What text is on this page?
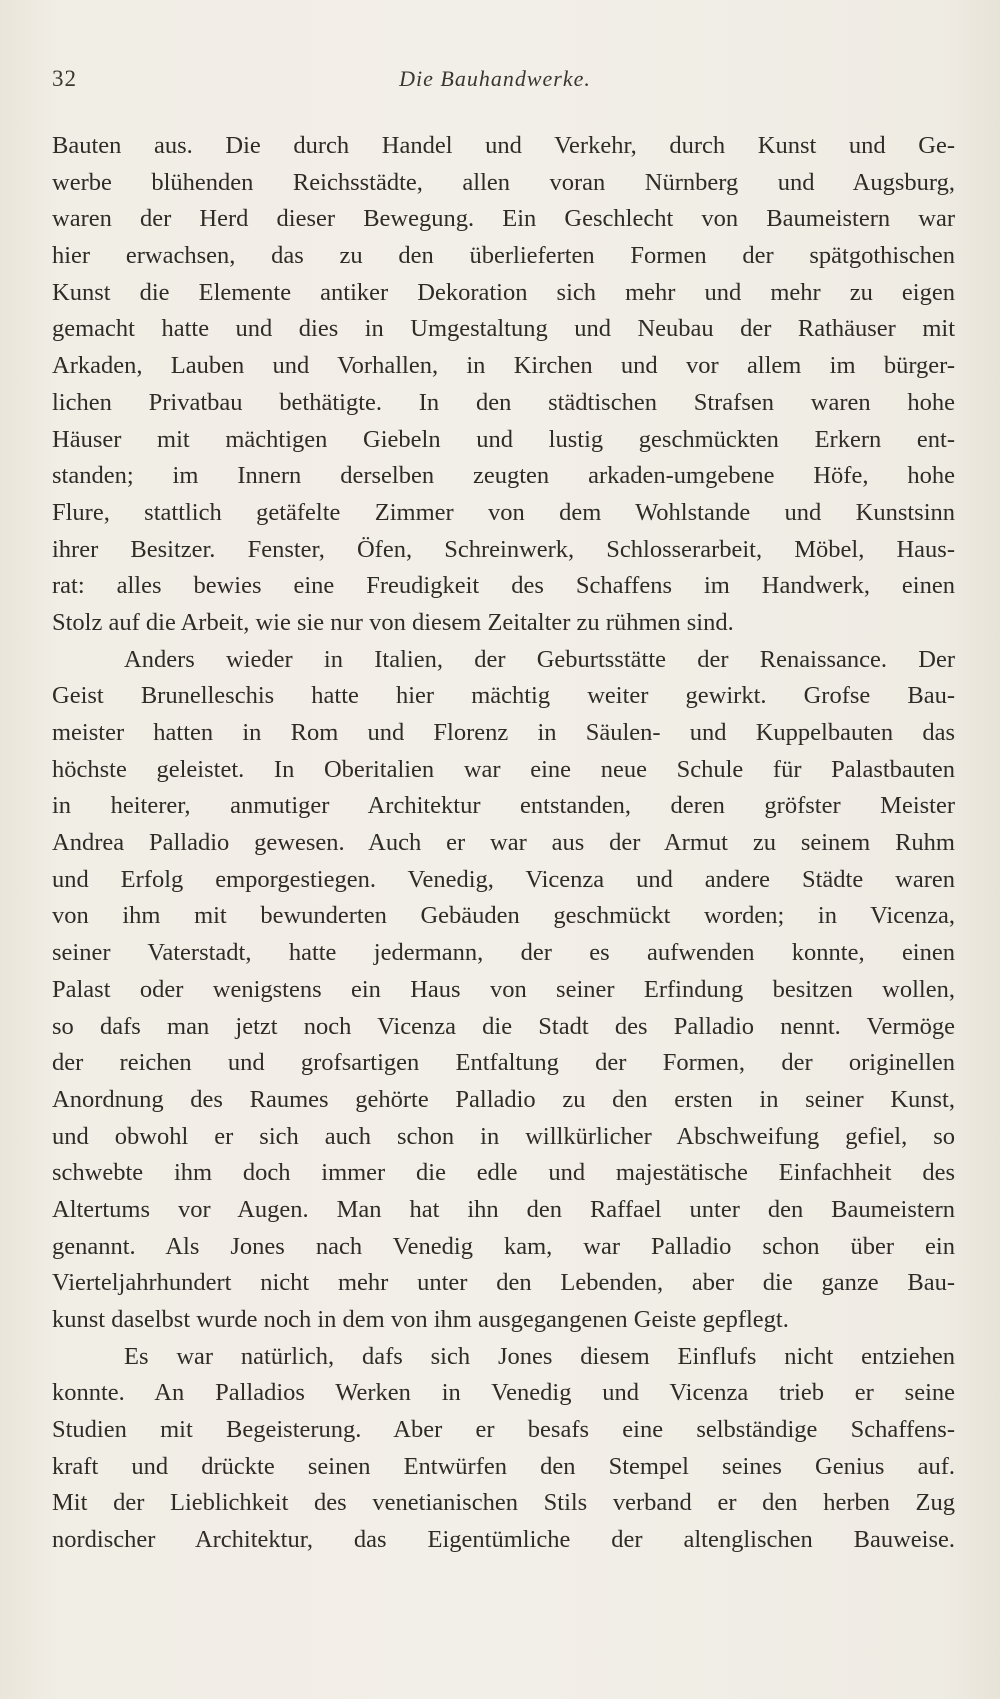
32	Die Bauhandwerke.
Bauten aus. Die durch Handel und Verkehr, durch Kunst und Ge-
werbe blühenden Reichsstädte, allen voran Nürnberg und Augsburg,
waren der Herd dieser Bewegung. Ein Geschlecht von Baumeistern war
hier erwachsen, das zu den überlieferten Formen der spätgothischen
Kunst die Elemente antiker Dekoration sich mehr und mehr zu eigen
gemacht hatte und dies in Umgestaltung und Neubau der Rathäuser mit
Arkaden, Lauben und Vorhallen, in Kirchen und vor allem im bürger-
lichen Privatbau bethätigte. In den städtischen Strafsen waren hohe
Häuser mit mächtigen Giebeln und lustig geschmückten Erkern ent-
standen; im Innern derselben zeugten arkaden-umgebene Höfe, hohe
Flure, stattlich getäfelte Zimmer von dem Wohlstande und Kunstsinn
ihrer Besitzer. Fenster, Öfen, Schreinwerk, Schlosserarbeit, Möbel, Haus-
rat: alles bewies eine Freudigkeit des Schaffens im Handwerk, einen
Stolz auf die Arbeit, wie sie nur von diesem Zeitalter zu rühmen sind.
Anders wieder in Italien, der Geburtsstätte der Renaissance. Der
Geist Brunelleschis hatte hier mächtig weiter gewirkt. Grofse Bau-
meister hatten in Rom und Florenz in Säulen- und Kuppelbauten das
höchste geleistet. In Oberitalien war eine neue Schule für Palastbauten
in heiterer, anmutiger Architektur entstanden, deren gröfster Meister
Andrea Palladio gewesen. Auch er war aus der Armut zu seinem Ruhm
und Erfolg emporgestiegen. Venedig, Vicenza und andere Städte waren
von ihm mit bewunderten Gebäuden geschmückt worden; in Vicenza,
seiner Vaterstadt, hatte jedermann, der es aufwenden konnte, einen
Palast oder wenigstens ein Haus von seiner Erfindung besitzen wollen,
so dafs man jetzt noch Vicenza die Stadt des Palladio nennt. Vermöge
der reichen und grofsartigen Entfaltung der Formen, der originellen
Anordnung des Raumes gehörte Palladio zu den ersten in seiner Kunst,
und obwohl er sich auch schon in willkürlicher Abschweifung gefiel, so
schwebte ihm doch immer die edle und majestätische Einfachheit des
Altertums vor Augen. Man hat ihn den Raffael unter den Baumeistern
genannt. Als Jones nach Venedig kam, war Palladio schon über ein
Vierteljahrhundert nicht mehr unter den Lebenden, aber die ganze Bau-
kunst daselbst wurde noch in dem von ihm ausgegangenen Geiste gepflegt.
Es war natürlich, dafs sich Jones diesem Einflufs nicht entziehen
konnte. An Palladios Werken in Venedig und Vicenza trieb er seine
Studien mit Begeisterung. Aber er besafs eine selbständige Schaffens-
kraft und drückte seinen Entwürfen den Stempel seines Genius auf.
Mit der Lieblichkeit des venetianischen Stils verband er den herben Zug
nordischer Architektur, das Eigentümliche der altenglischen Bauweise.
